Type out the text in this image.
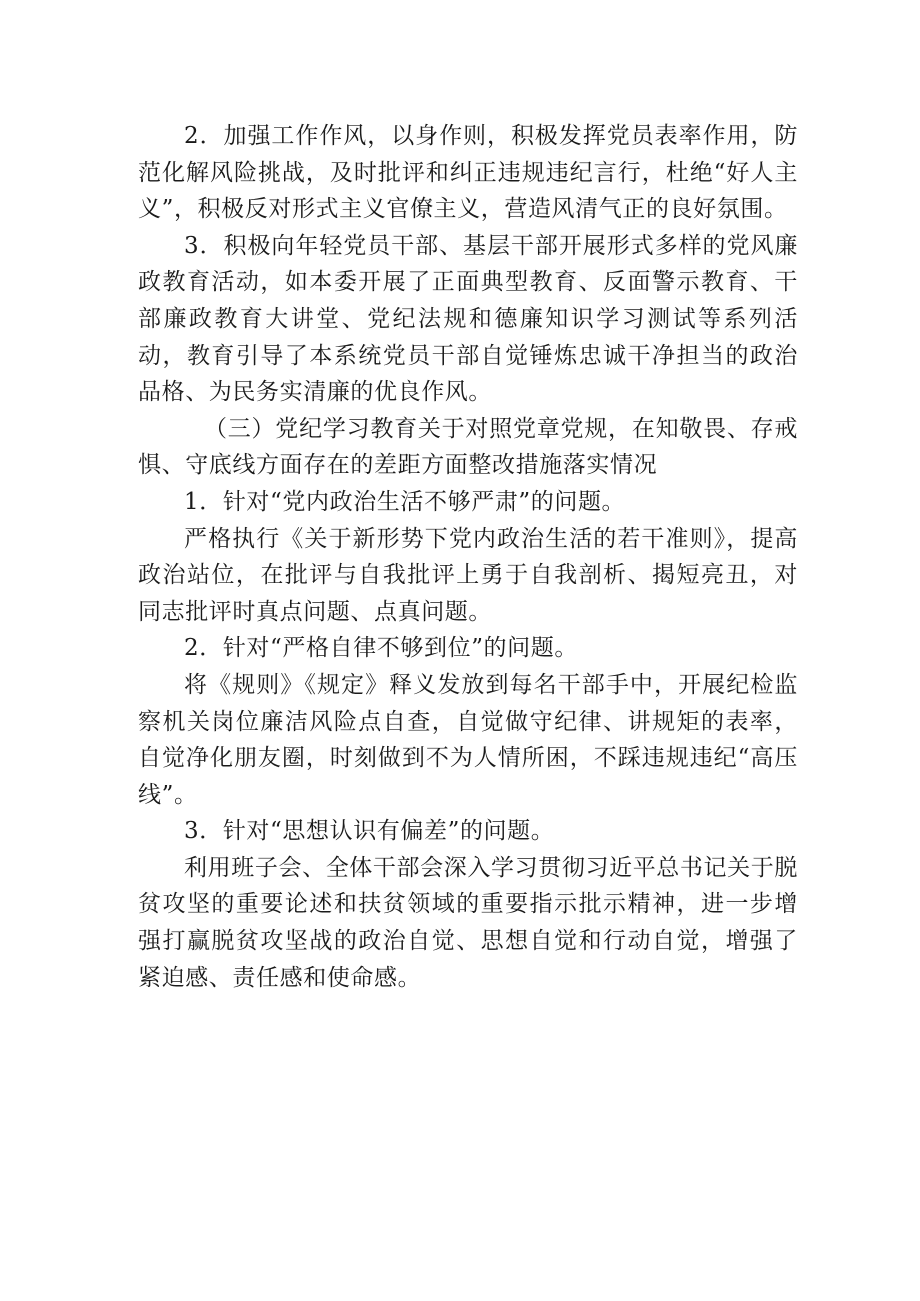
2．加强工作作风，以身作则，积极发挥党员表率作用，防范化解风险挑战，及时批评和纠正违规违纪言行，杜绝“好人主义”，积极反对形式主义官僚主义，营造风清气正的良好氛围。

3．积极向年轻党员干部、基层干部开展形式多样的党风廉政教育活动，如本委开展了正面典型教育、反面警示教育、干部廉政教育大讲堂、党纪法规和德廉知识学习测试等系列活动，教育引导了本系统党员干部自觉锤炼忠诚干净担当的政治品格、为民务实清廉的优良作风。

（三）党纪学习教育关于对照党章党规，在知敬畏、存戒惧、守底线方面存在的差距方面整改措施落实情况

1．针对“党内政治生活不够严肃”的问题。

严格执行《关于新形势下党内政治生活的若干准则》，提高政治站位，在批评与自我批评上勇于自我剖析、揭短亮丑，对同志批评时真点问题、点真问题。

2．针对“严格自律不够到位”的问题。

将《规则》《规定》释义发放到每名干部手中，开展纪检监察机关岗位廉洁风险点自查，自觉做守纪律、讲规矩的表率，自觉净化朋友圈，时刻做到不为人情所困，不踩违规违纪“高压线”。

3．针对“思想认识有偏差”的问题。

利用班子会、全体干部会深入学习贯彻习近平总书记关于脱贫攻坚的重要论述和扶贫领域的重要指示批示精神，进一步增强打赢脱贫攻坚战的政治自觉、思想自觉和行动自觉，增强了紧迫感、责任感和使命感。
